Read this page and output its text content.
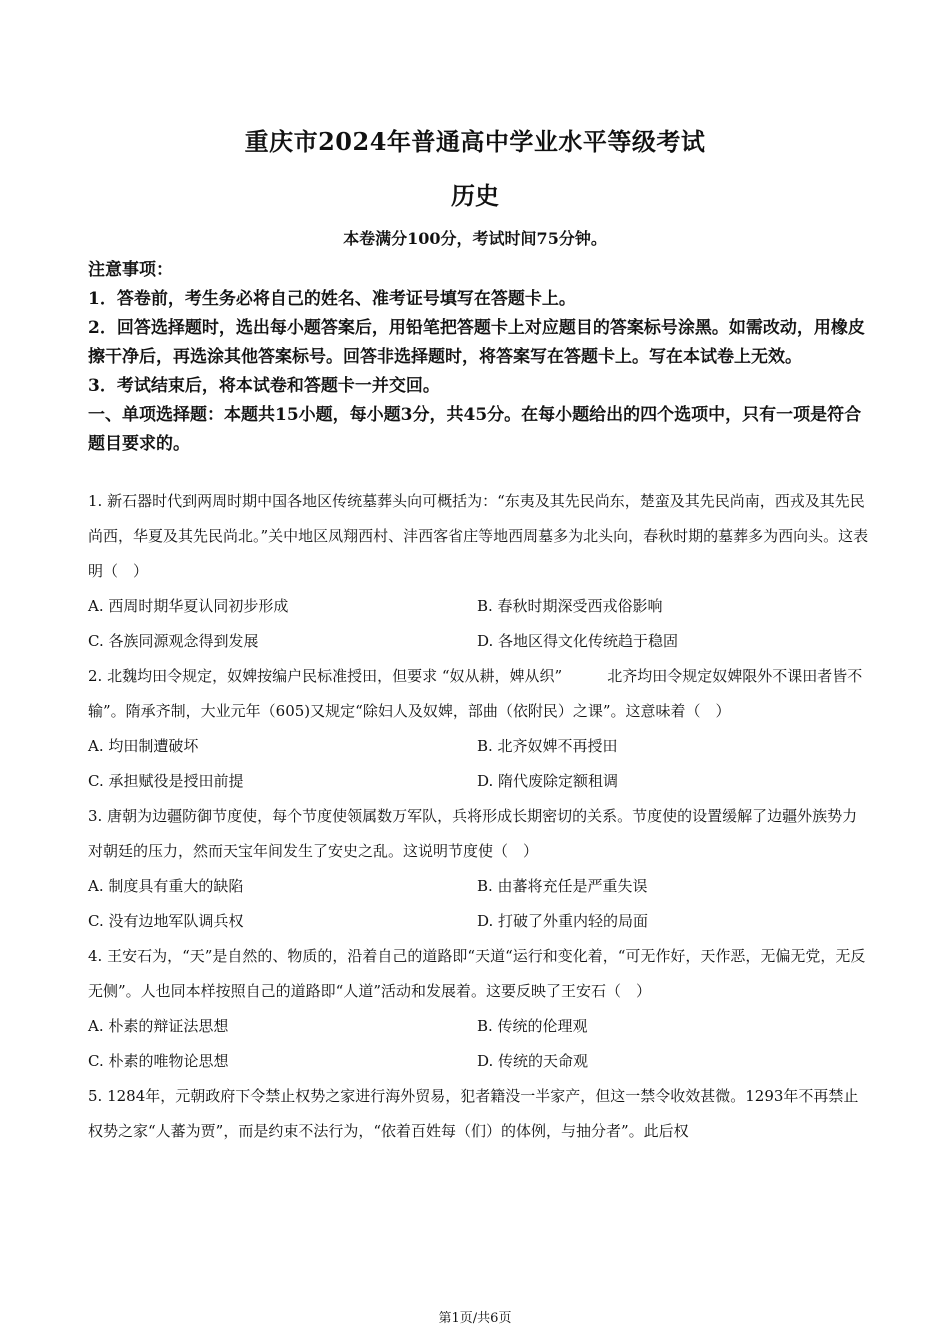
重庆市2024年普通高中学业水平等级考试
历史
本卷满分100分，考试时间75分钟。

注意事项：

1．答卷前，考生务必将自己的姓名、准考证号填写在答题卡上。

2．回答选择题时，选出每小题答案后，用铅笔把答题卡上对应题目的答案标号涂黑。如需改动，用橡皮擦干净后，再选涂其他答案标号。回答非选择题时，将答案写在答题卡上。写在本试卷上无效。

3．考试结束后，将本试卷和答题卡一并交回。

一、单项选择题：本题共15小题，每小题3分，共45分。在每小题给出的四个选项中，只有一项是符合题目要求的。

1. 新石器时代到两周时期中国各地区传统墓葬头向可概括为：“东夷及其先民尚东，楚蛮及其先民尚南，西戎及其先民尚西，华夏及其先民尚北。”关中地区凤翔西村、沣西客省庄等地西周墓多为北头向，春秋时期的墓葬多为西向头。这表明（　）

A. 西周时期华夏认同初步形成	B. 春秋时期深受西戎俗影响
C. 各族同源观念得到发展	D. 各地区得文化传统趋于稳固

2. 北魏均田令规定，奴婢按编户民标准授田，但要求 “奴从耕，婢从织”　　　北齐均田令规定奴婢限外不课田者皆不输”。隋承齐制，大业元年（605)又规定“除妇人及奴婢，部曲（依附民）之课”。这意味着（　）

A. 均田制遭破坏	B. 北齐奴婢不再授田
C. 承担赋役是授田前提	D. 隋代废除定额租调

3. 唐朝为边疆防御节度使，每个节度使领属数万军队，兵将形成长期密切的关系。节度使的设置缓解了边疆外族势力对朝廷的压力，然而天宝年间发生了安史之乱。这说明节度使（　）

A. 制度具有重大的缺陷	B. 由蕃将充任是严重失误
C. 没有边地军队调兵权	D. 打破了外重内轻的局面

4. 王安石为，“天”是自然的、物质的，沿着自己的道路即“天道“运行和变化着，“可无作好，天作恶，无偏无党，无反无侧”。人也同本样按照自己的道路即“人道”活动和发展着。这要反映了王安石（　）

A. 朴素的辩证法思想	B. 传统的伦理观
C. 朴素的唯物论思想	D. 传统的天命观

5. 1284年，元朝政府下令禁止权势之家进行海外贸易，犯者籍没一半家产，但这一禁令收效甚微。1293年不再禁止权势之家“人蕃为贾”，而是约束不法行为，“依着百姓每（们）的体例，与抽分者”。此后权

第1页/共6页
